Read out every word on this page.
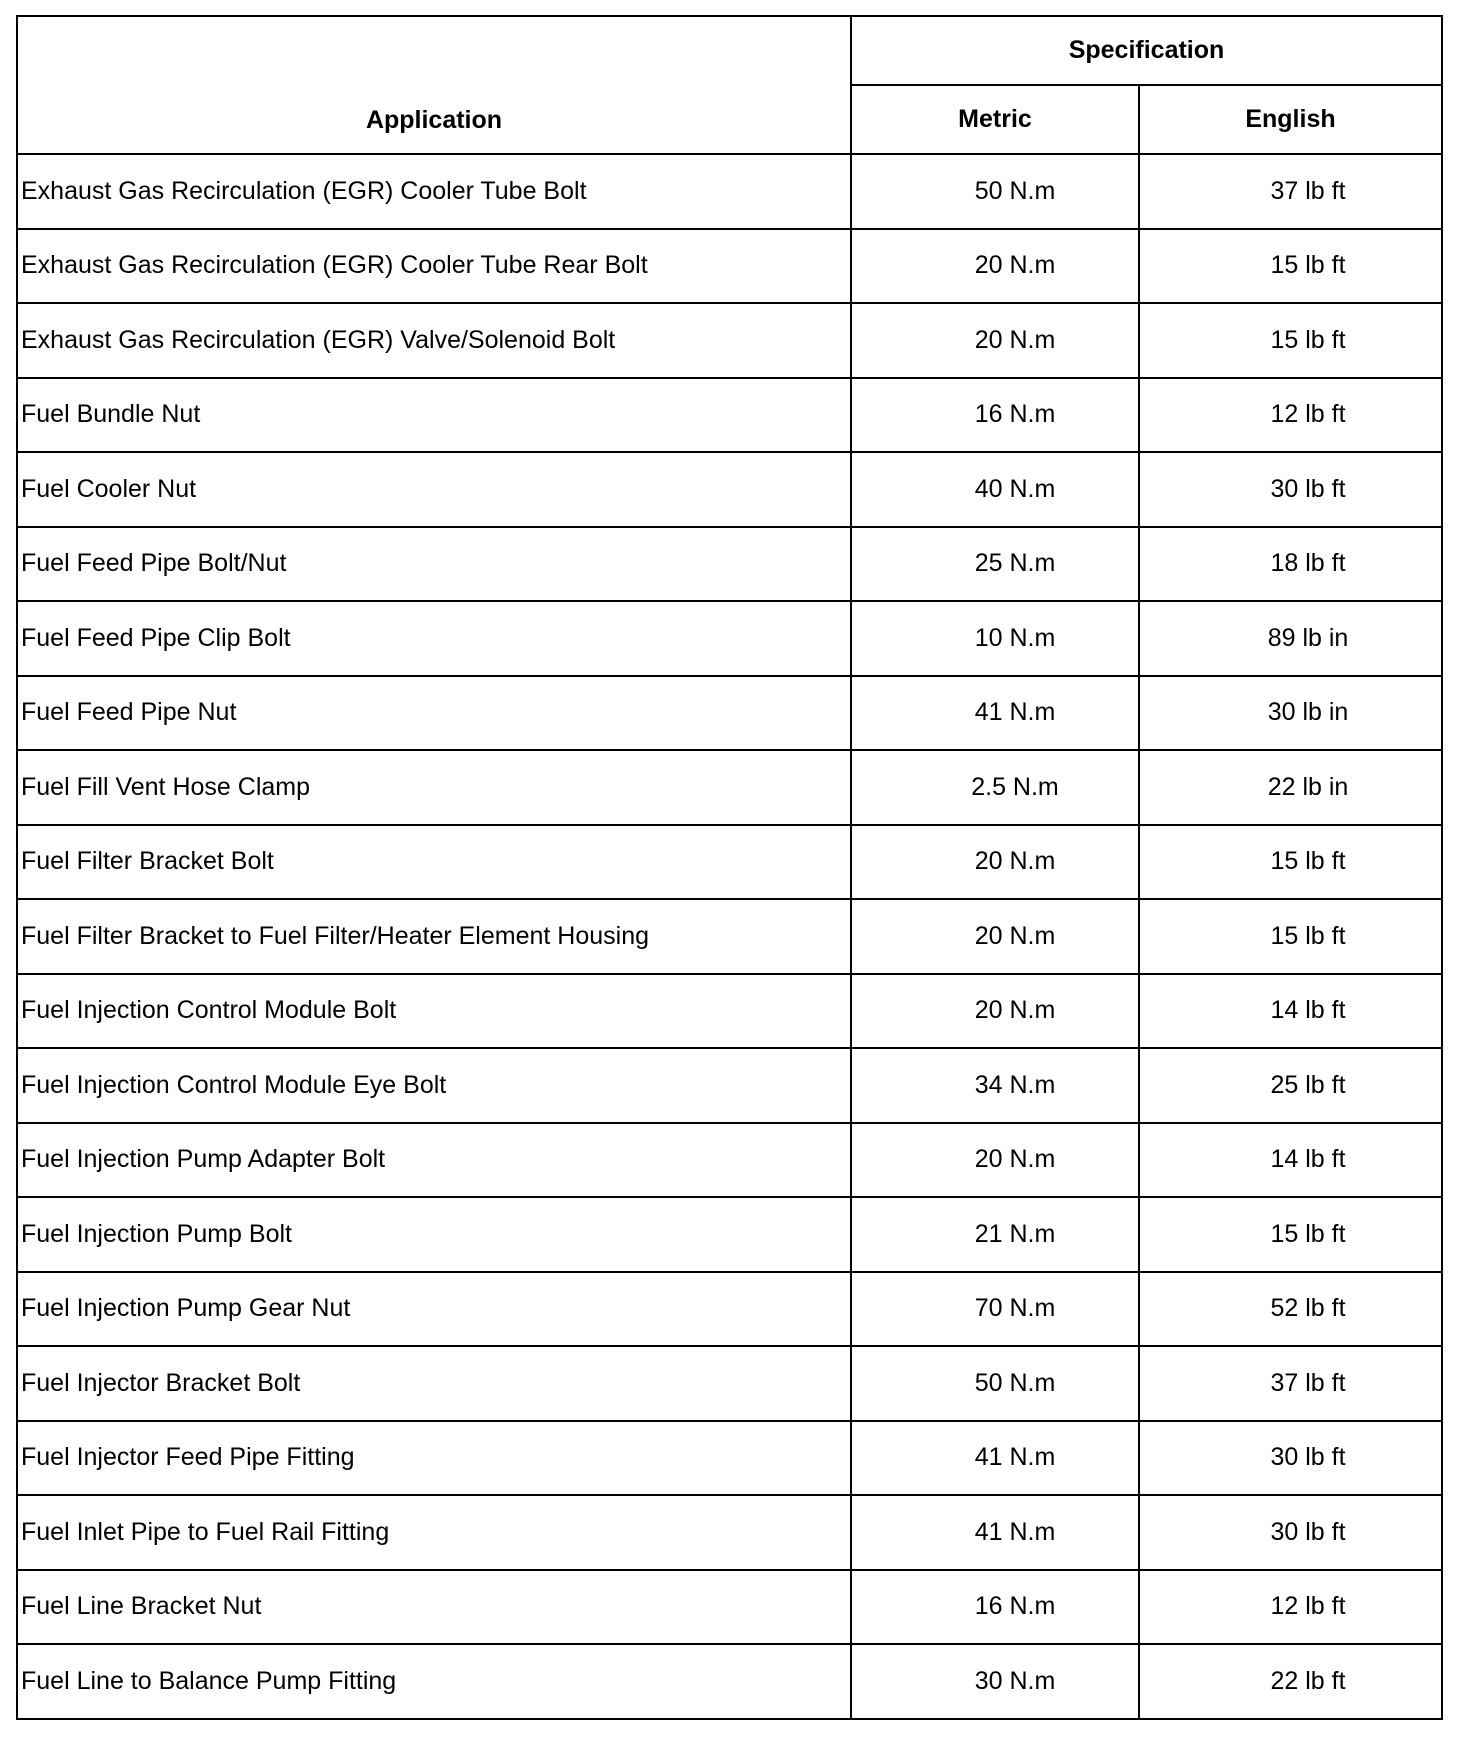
Application	Specification	
	Metric	English
Exhaust Gas Recirculation (EGR) Cooler Tube Bolt	50 N.m	37 lb ft
Exhaust Gas Recirculation (EGR) Cooler Tube Rear Bolt	20 N.m	15 lb ft
Exhaust Gas Recirculation (EGR) Valve/Solenoid Bolt	20 N.m	15 lb ft
Fuel Bundle Nut	16 N.m	12 lb ft
Fuel Cooler Nut	40 N.m	30 lb ft
Fuel Feed Pipe Bolt/Nut	25 N.m	18 lb ft
Fuel Feed Pipe Clip Bolt	10 N.m	89 lb in
Fuel Feed Pipe Nut	41 N.m	30 lb in
Fuel Fill Vent Hose Clamp	2.5 N.m	22 lb in
Fuel Filter Bracket Bolt	20 N.m	15 lb ft
Fuel Filter Bracket to Fuel Filter/Heater Element Housing	20 N.m	15 lb ft
Fuel Injection Control Module Bolt	20 N.m	14 lb ft
Fuel Injection Control Module Eye Bolt	34 N.m	25 lb ft
Fuel Injection Pump Adapter Bolt	20 N.m	14 lb ft
Fuel Injection Pump Bolt	21 N.m	15 lb ft
Fuel Injection Pump Gear Nut	70 N.m	52 lb ft
Fuel Injector Bracket Bolt	50 N.m	37 lb ft
Fuel Injector Feed Pipe Fitting	41 N.m	30 lb ft
Fuel Inlet Pipe to Fuel Rail Fitting	41 N.m	30 lb ft
Fuel Line Bracket Nut	16 N.m	12 lb ft
Fuel Line to Balance Pump Fitting	30 N.m	22 lb ft
